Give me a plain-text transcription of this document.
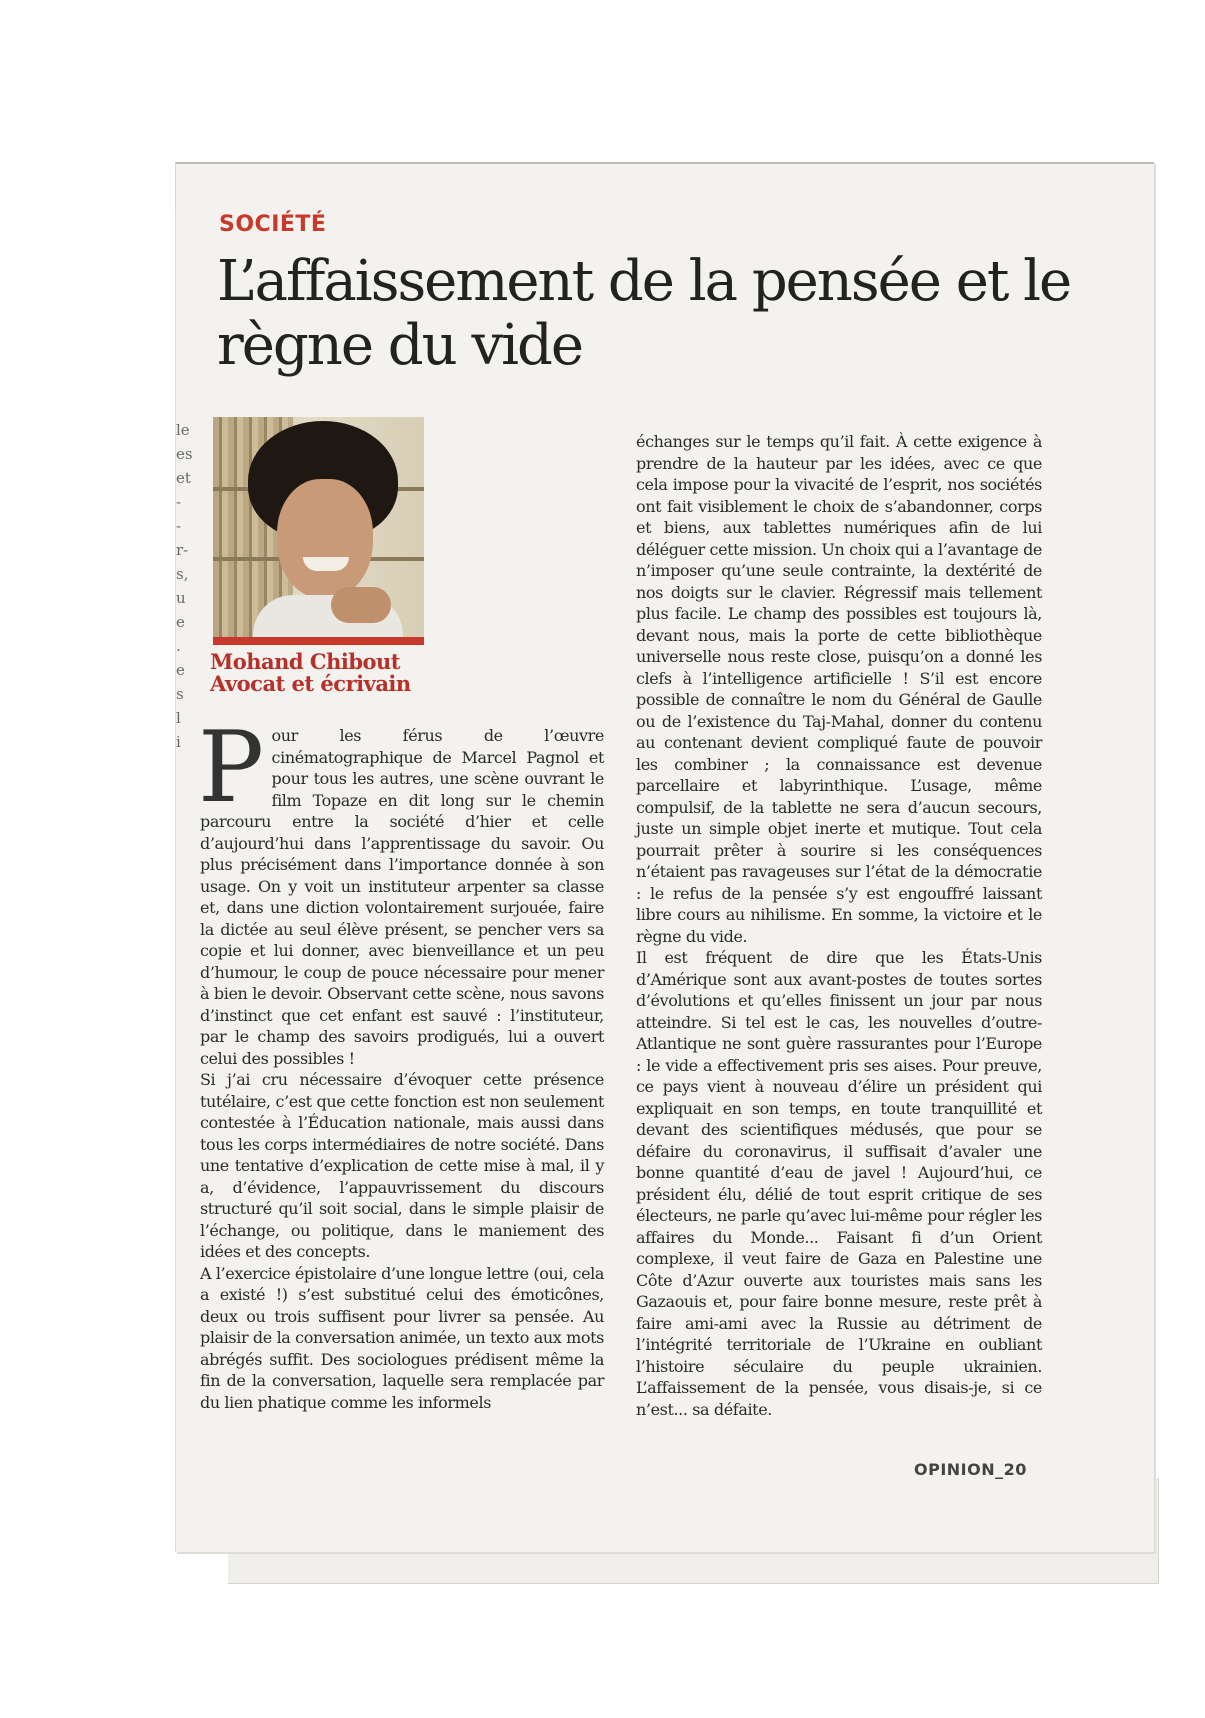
le
es
et
-
-
r-
s,
u
e
.
e
s
l
i
SOCIÉTÉ
L’affaissement de la pensée et le règne du vide
Mohand Chibout
Avocat et écrivain
P our les férus de l’œuvre cinématographique de Marcel Pagnol et pour tous les autres, une scène ouvrant le film Topaze en dit long sur le chemin parcouru entre la société d’hier et celle d’aujourd’hui dans l’apprentissage du savoir. Ou plus précisément dans l’importance donnée à son usage. On y voit un instituteur arpenter sa classe et, dans une diction volontairement surjouée, faire la dictée au seul élève présent, se pencher vers sa copie et lui donner, avec bienveillance et un peu d’humour, le coup de pouce nécessaire pour mener à bien le devoir. Observant cette scène, nous savons d’instinct que cet enfant est sauvé : l’instituteur, par le champ des savoirs prodigués, lui a ouvert celui des possibles !

Si j’ai cru nécessaire d’évoquer cette présence tutélaire, c’est que cette fonction est non seulement contestée à l’Éducation nationale, mais aussi dans tous les corps intermédiaires de notre société. Dans une tentative d’explication de cette mise à mal, il y a, d’évidence, l’appauvrissement du discours structuré qu’il soit social, dans le simple plaisir de l’échange, ou politique, dans le maniement des idées et des concepts.

A l’exercice épistolaire d’une longue lettre (oui, cela a existé !) s’est substitué celui des émoticônes, deux ou trois suffisent pour livrer sa pensée. Au plaisir de la conversation animée, un texto aux mots abrégés suffit. Des sociologues prédisent même la fin de la conversation, laquelle sera remplacée par du lien phatique comme les informels

échanges sur le temps qu’il fait. À cette exigence à prendre de la hauteur par les idées, avec ce que cela impose pour la vivacité de l’esprit, nos sociétés ont fait visiblement le choix de s’abandonner, corps et biens, aux tablettes numériques afin de lui déléguer cette mission. Un choix qui a l’avantage de n’imposer qu’une seule contrainte, la dextérité de nos doigts sur le clavier. Régressif mais tellement plus facile. Le champ des possibles est toujours là, devant nous, mais la porte de cette bibliothèque universelle nous reste close, puisqu’on a donné les clefs à l’intelligence artificielle ! S’il est encore possible de connaître le nom du Général de Gaulle ou de l’existence du Taj-Mahal, donner du contenu au contenant devient compliqué faute de pouvoir les combiner ; la connaissance est devenue parcellaire et labyrinthique. L’usage, même compulsif, de la tablette ne sera d’aucun secours, juste un simple objet inerte et mutique. Tout cela pourrait prêter à sourire si les conséquences n’étaient pas ravageuses sur l’état de la démocratie : le refus de la pensée s’y est engouffré laissant libre cours au nihilisme. En somme, la victoire et le règne du vide.

Il est fréquent de dire que les États-Unis d’Amérique sont aux avant-postes de toutes sortes d’évolutions et qu’elles finissent un jour par nous atteindre. Si tel est le cas, les nouvelles d’outre-Atlantique ne sont guère rassurantes pour l’Europe : le vide a effectivement pris ses aises. Pour preuve, ce pays vient à nouveau d’élire un président qui expliquait en son temps, en toute tranquillité et devant des scientifiques médusés, que pour se défaire du coronavirus, il suffisait d’avaler une bonne quantité d’eau de javel ! Aujourd’hui, ce président élu, délié de tout esprit critique de ses électeurs, ne parle qu’avec lui-même pour régler les affaires du Monde... Faisant fi d’un Orient complexe, il veut faire de Gaza en Palestine une Côte d’Azur ouverte aux touristes mais sans les Gazaouis et, pour faire bonne mesure, reste prêt à faire ami-ami avec la Russie au détriment de l’intégrité territoriale de l’Ukraine en oubliant l’histoire séculaire du peuple ukrainien. L’affaissement de la pensée, vous disais-je, si ce n’est... sa défaite.

OPINION_20
